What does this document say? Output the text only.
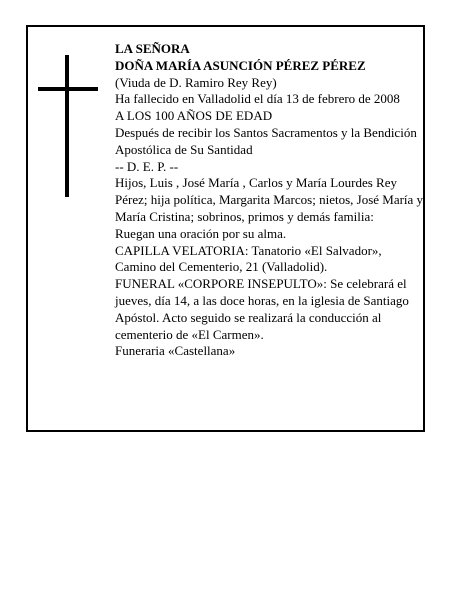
LA SEÑORA
DOÑA MARÍA ASUNCIÓN PÉREZ PÉREZ
(Viuda de D. Ramiro Rey Rey)
Ha fallecido en Valladolid el día 13 de febrero de 2008
A LOS 100 AÑOS DE EDAD
Después de recibir los Santos Sacramentos y la Bendición Apostólica de Su Santidad
-- D. E. P. --
Hijos, Luis , José María , Carlos y María Lourdes Rey Pérez; hija política, Margarita Marcos; nietos, José María y María Cristina; sobrinos, primos y demás familia:
Ruegan una oración por su alma.
CAPILLA VELATORIA: Tanatorio «El Salvador», Camino del Cementerio, 21 (Valladolid).
FUNERAL «CORPORE INSEPULTO»: Se celebrará el jueves, día 14, a las doce horas, en la iglesia de Santiago Apóstol. Acto seguido se realizará la conducción al cementerio de «El Carmen».
Funeraria «Castellana»
